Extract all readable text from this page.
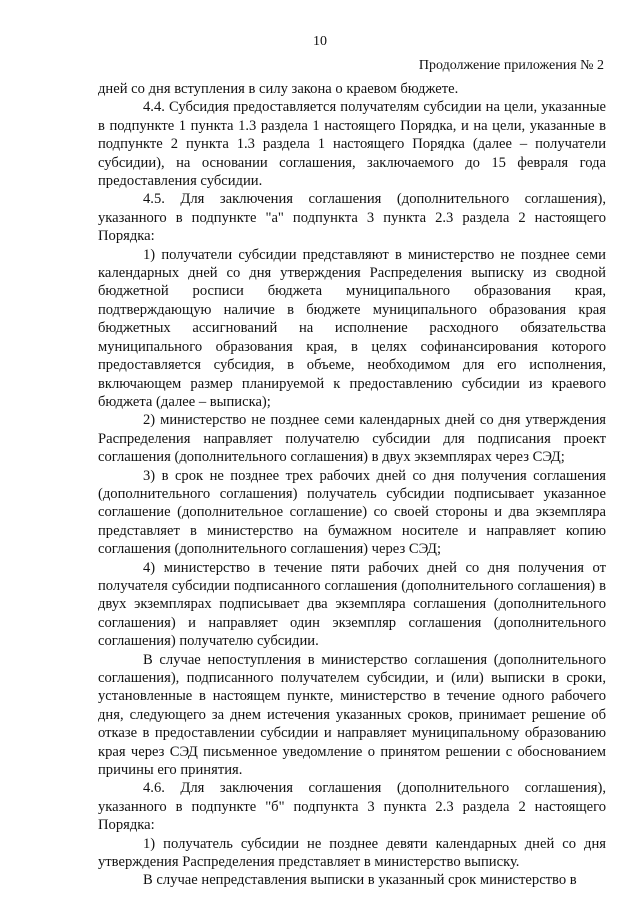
10
Продолжение приложения № 2

дней со дня вступления в силу закона о краевом бюджете.

4.4. Субсидия предоставляется получателям субсидии на цели, указанные в подпункте 1 пункта 1.3 раздела 1 настоящего Порядка, и на цели, указанные в подпункте 2 пункта 1.3 раздела 1 настоящего Порядка (далее – получатели субсидии), на основании соглашения, заключаемого до 15 февраля года предоставления субсидии.

4.5. Для заключения соглашения (дополнительного соглашения), указанного в подпункте "а" подпункта 3 пункта 2.3 раздела 2 настоящего Порядка:

1) получатели субсидии представляют в министерство не позднее семи календарных дней со дня утверждения Распределения выписку из сводной бюджетной росписи бюджета муниципального образования края, подтверждающую наличие в бюджете муниципального образования края бюджетных ассигнований на исполнение расходного обязательства муниципального образования края, в целях софинансирования которого предоставляется субсидия, в объеме, необходимом для его исполнения, включающем размер планируемой к предоставлению субсидии из краевого бюджета (далее – выписка);

2) министерство не позднее семи календарных дней со дня утверждения Распределения направляет получателю субсидии для подписания проект соглашения (дополнительного соглашения) в двух экземплярах через СЭД;

3) в срок не позднее трех рабочих дней со дня получения соглашения (дополнительного соглашения) получатель субсидии подписывает указанное соглашение (дополнительное соглашение) со своей стороны и два экземпляра представляет в министерство на бумажном носителе и направляет копию соглашения (дополнительного соглашения) через СЭД;

4) министерство в течение пяти рабочих дней со дня получения от получателя субсидии подписанного соглашения (дополнительного соглашения) в двух экземплярах подписывает два экземпляра соглашения (дополнительного соглашения) и направляет один экземпляр соглашения (дополнительного соглашения) получателю субсидии.

В случае непоступления в министерство соглашения (дополнительного соглашения), подписанного получателем субсидии, и (или) выписки в сроки, установленные в настоящем пункте, министерство в течение одного рабочего дня, следующего за днем истечения указанных сроков, принимает решение об отказе в предоставлении субсидии и направляет муниципальному образованию края через СЭД письменное уведомление о принятом решении с обоснованием причины его принятия.

4.6. Для заключения соглашения (дополнительного соглашения), указанного в подпункте "б" подпункта 3 пункта 2.3 раздела 2 настоящего Порядка:

1) получатель субсидии не позднее девяти календарных дней со дня утверждения Распределения представляет в министерство выписку.

В случае непредставления выписки в указанный срок министерство в
